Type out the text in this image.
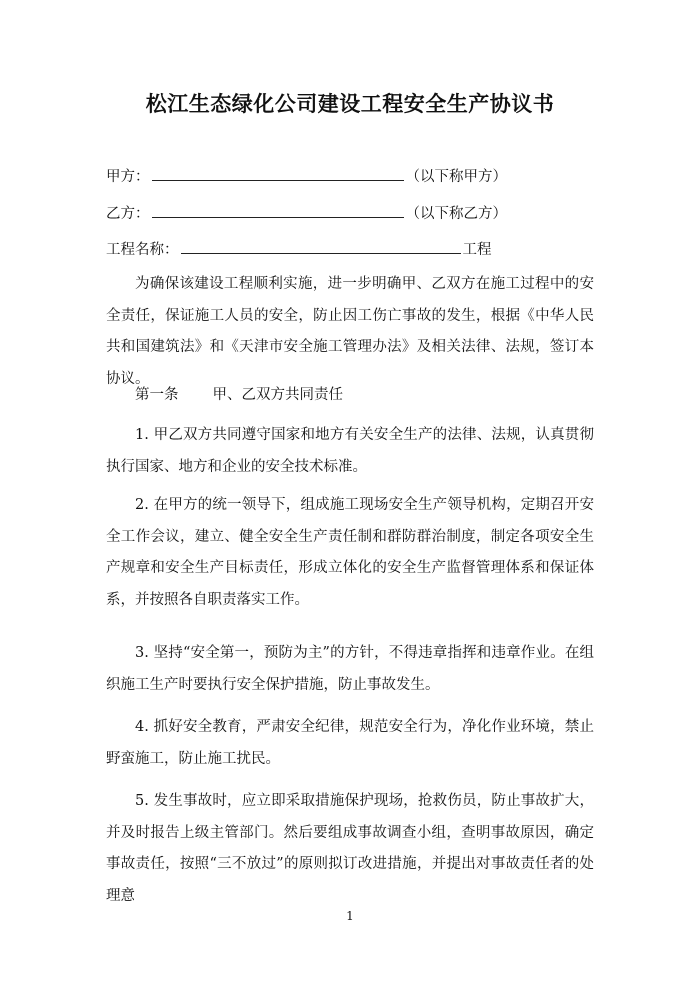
松江生态绿化公司建设工程安全生产协议书
甲方：	（以下称甲方）
乙方：	（以下称乙方）
工程名称：	工程
为确保该建设工程顺利实施，进一步明确甲、乙双方在施工过程中的安全责任，保证施工人员的安全，防止因工伤亡事故的发生，根据《中华人民共和国建筑法》和《天津市安全施工管理办法》及相关法律、法规，签订本协议。
第一条 甲、乙双方共同责任
1. 甲乙双方共同遵守国家和地方有关安全生产的法律、法规，认真贯彻执行国家、地方和企业的安全技术标准。
2. 在甲方的统一领导下，组成施工现场安全生产领导机构，定期召开安全工作会议，建立、健全安全生产责任制和群防群治制度，制定各项安全生产规章和安全生产目标责任，形成立体化的安全生产监督管理体系和保证体系，并按照各自职责落实工作。
3. 坚持“安全第一，预防为主”的方针，不得违章指挥和违章作业。在组织施工生产时要执行安全保护措施，防止事故发生。
4. 抓好安全教育，严肃安全纪律，规范安全行为，净化作业环境，禁止野蛮施工，防止施工扰民。
5. 发生事故时，应立即采取措施保护现场，抢救伤员，防止事故扩大，并及时报告上级主管部门。然后要组成事故调查小组，查明事故原因，确定事故责任，按照“三不放过”的原则拟订改进措施，并提出对事故责任者的处理意
1
